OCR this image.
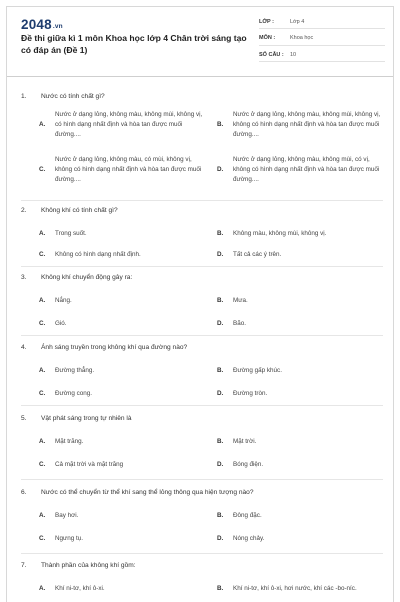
2048.vn
Đề thi giữa kì 1 môn Khoa học lớp 4 Chân trời sáng tạo có đáp án (Đề 1)
LỚP :	Lớp 4
MÔN :	Khoa học
SỐ CÂU :	10
1.	Nước có tính chất gì?
A.
Nước ở dạng lỏng, không màu, không mùi, không vị, có hình dạng nhất định và hòa tan được muối đường....
B.
Nước ở dạng lỏng, không màu, không mùi, không vị, không có hình dạng nhất định và hòa tan được muối đường....
C.
Nước ở dạng lỏng, không màu, có mùi, không vị, không có hình dạng nhất định và hòa tan được muối đường....
D.
Nước ở dạng lỏng, không màu, không mùi, có vị, không có hình dạng nhất định và hòa tan được muối đường....
2.	Không khí có tính chất gì?
A.	Trong suốt.	B.	Không màu, không mùi, không vị.
C.	Không có hình dạng nhất định.	D.	Tất cả các ý trên.
3.	Không khí chuyển động gây ra:
A.	Nắng.	B.	Mưa.
C.	Gió.	D.	Bão.
4.	Ánh sáng truyền trong không khí qua đường nào?
A.	Đường thẳng.	B.	Đường gấp khúc.
C.	Đường cong.	D.	Đường tròn.
5.	Vật phát sáng trong tự nhiên là
A.	Mặt trăng.	B.	Mặt trời.
C.	Cả mặt trời và mặt trăng	D.	Bóng điện.
6.	Nước có thể chuyển từ thể khí sang thể lỏng thông qua hiện tượng nào?
A.	Bay hơi.	B.	Đông đặc.
C.	Ngưng tụ.	D.	Nóng chảy.
7.	Thành phần của không khí gồm:
A.	Khí ni-tơ, khí ô-xi.	B.	Khí ni-tơ, khí ô-xi, hơi nước, khí các -bo-níc.
